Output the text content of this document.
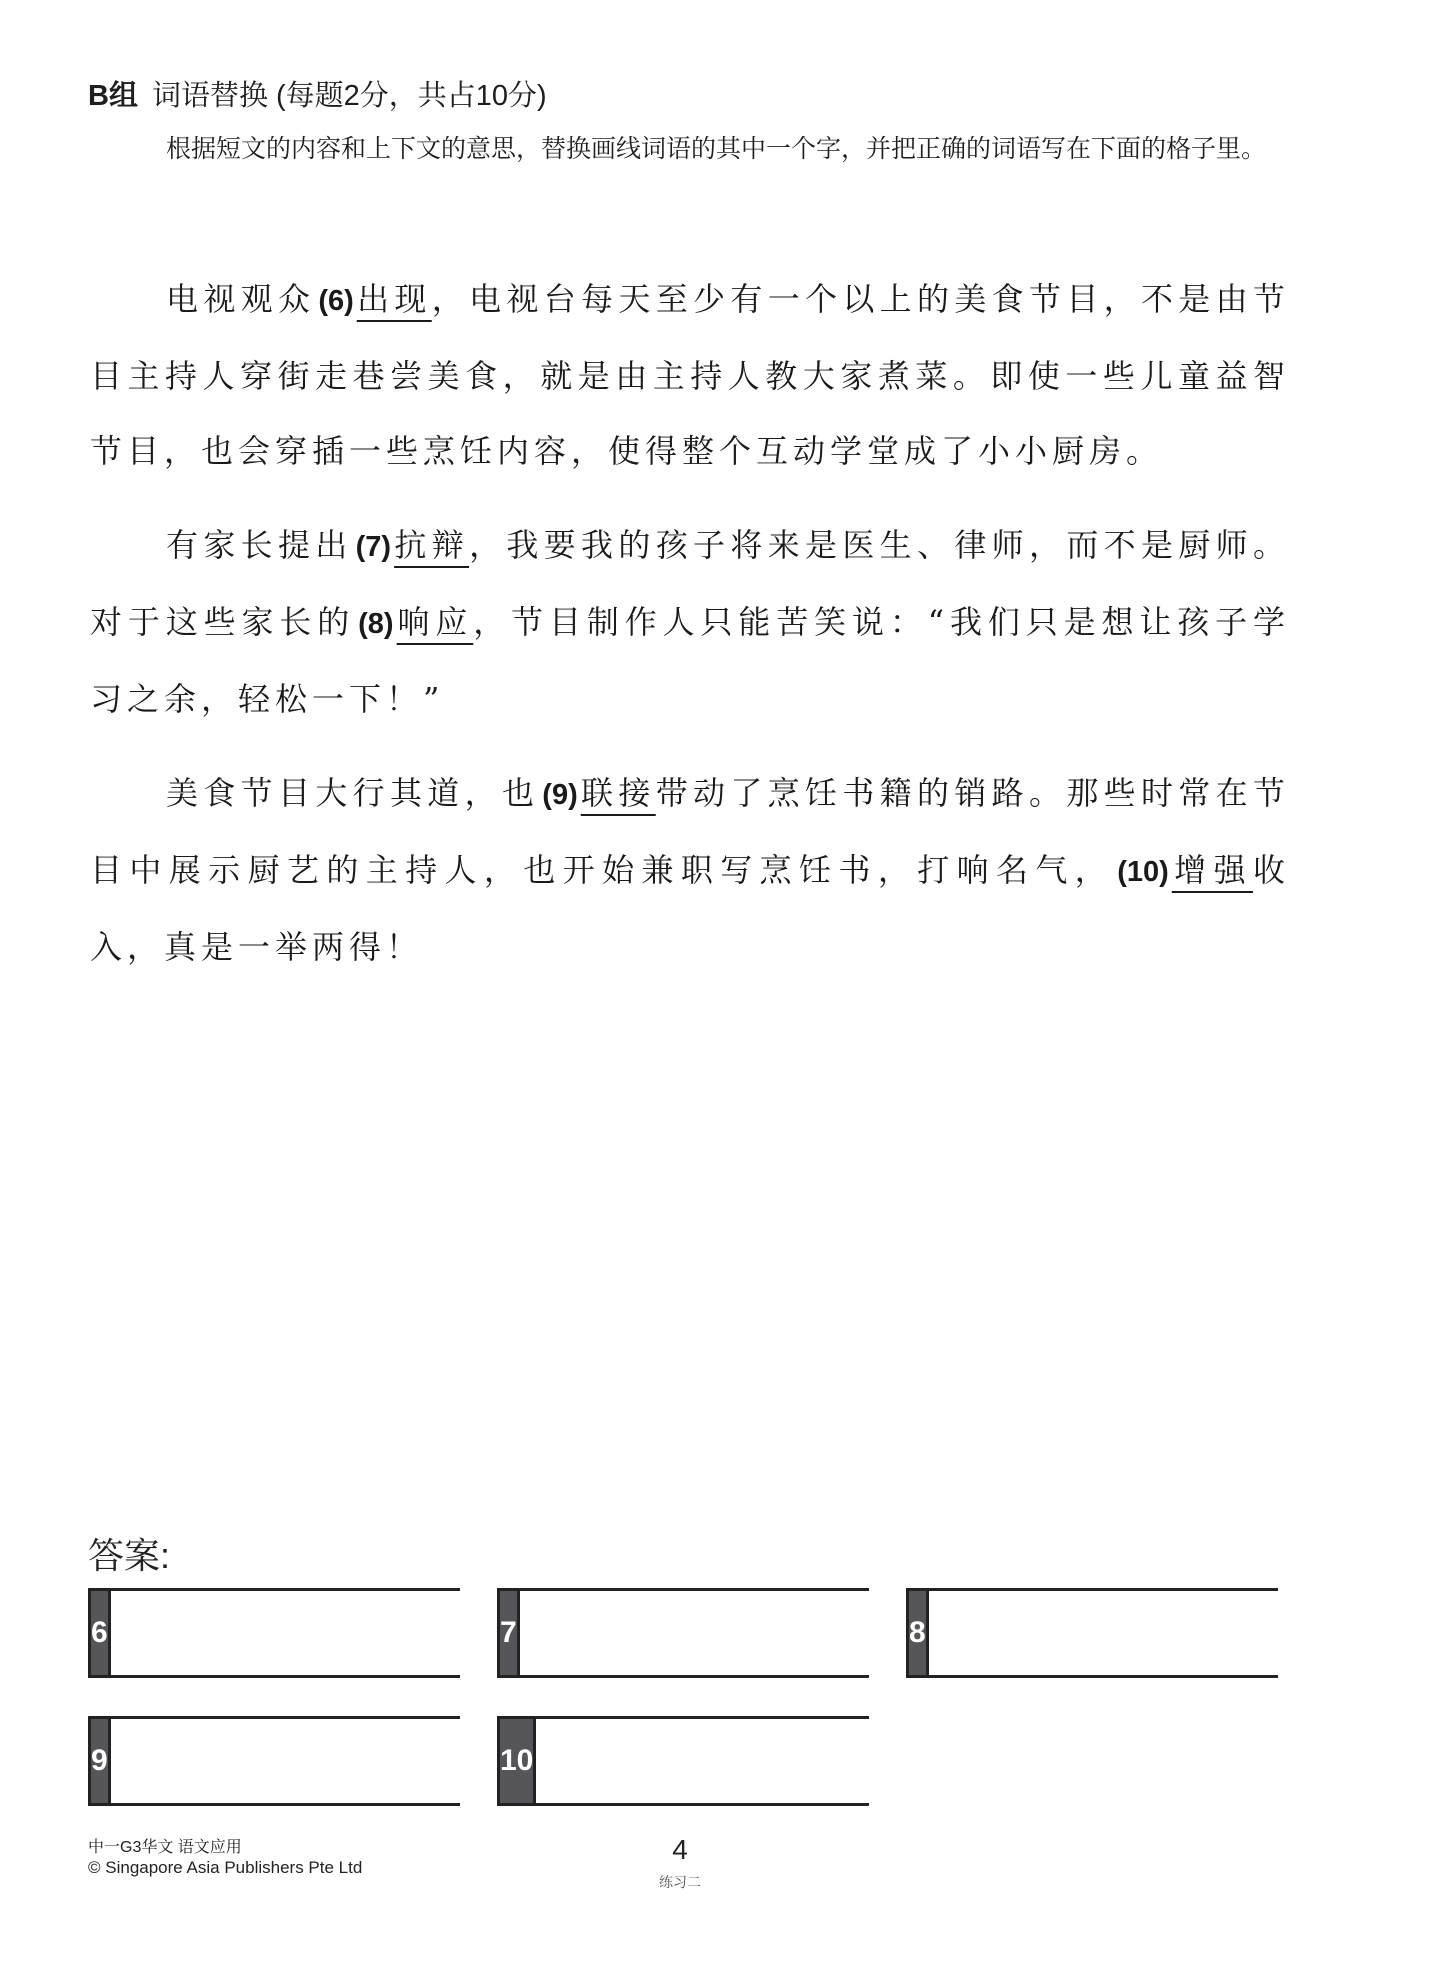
B组 词语替换 (每题2分，共占10分)
根据短文的内容和上下文的意思，替换画线词语的其中一个字，并把正确的词语写在下面的格子里。

电视观众 (6)出现，电视台每天至少有一个以上的美食节目，不是由节目主持人穿街走巷尝美食，就是由主持人教大家煮菜。即使一些儿童益智节目，也会穿插一些烹饪内容，使得整个互动学堂成了小小厨房。

有家长提出 (7)抗辩，我要我的孩子将来是医生、律师，而不是厨师。对于这些家长的 (8)响应，节目制作人只能苦笑说：“我们只是想让孩子学习之余，轻松一下！”

美食节目大行其道，也 (9)联接带动了烹饪书籍的销路。那些时常在节目中展示厨艺的主持人，也开始兼职写烹饪书，打响名气， (10)增强收入，真是一举两得！

答案:
6	7	8
9	10
中一G3华文 语文应用
© Singapore Asia Publishers Pte Ltd
4
练习二
